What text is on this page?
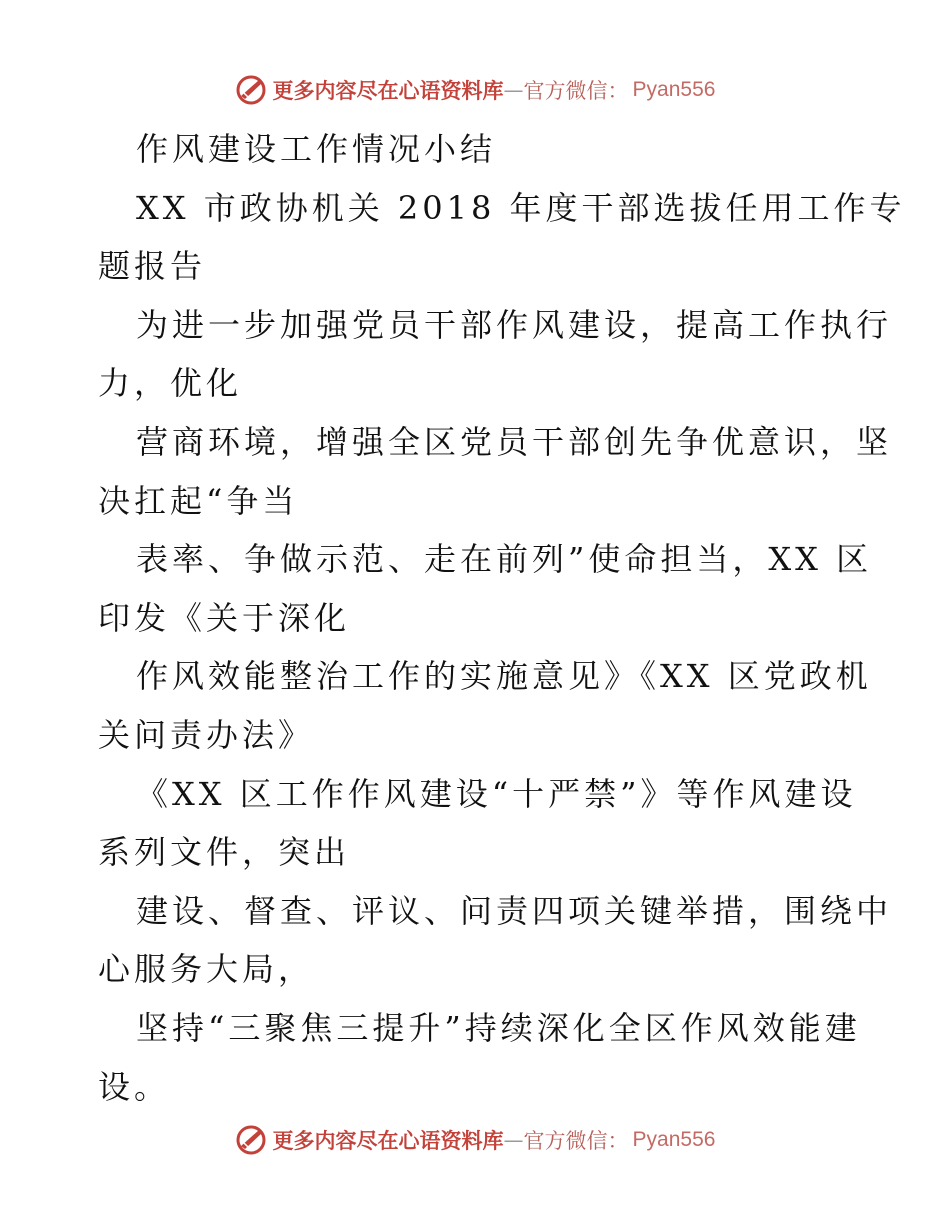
更多内容尽在心语资料库 — 官方微信： Pyan556
作风建设工作情况小结
XX 市政协机关 2018 年度干部选拔任用工作专
题报告
为进一步加强党员干部作风建设，提高工作执行
力，优化
营商环境，增强全区党员干部创先争优意识，坚
决扛起“争当
表率、争做示范、走在前列”使命担当，XX 区
印发《关于深化
作风效能整治工作的实施意见》《XX 区党政机
关问责办法》
《XX 区工作作风建设“十严禁”》等作风建设
系列文件，突出
建设、督查、评议、问责四项关键举措，围绕中
心服务大局，
坚持“三聚焦三提升”持续深化全区作风效能建
设。
更多内容尽在心语资料库 — 官方微信： Pyan556
